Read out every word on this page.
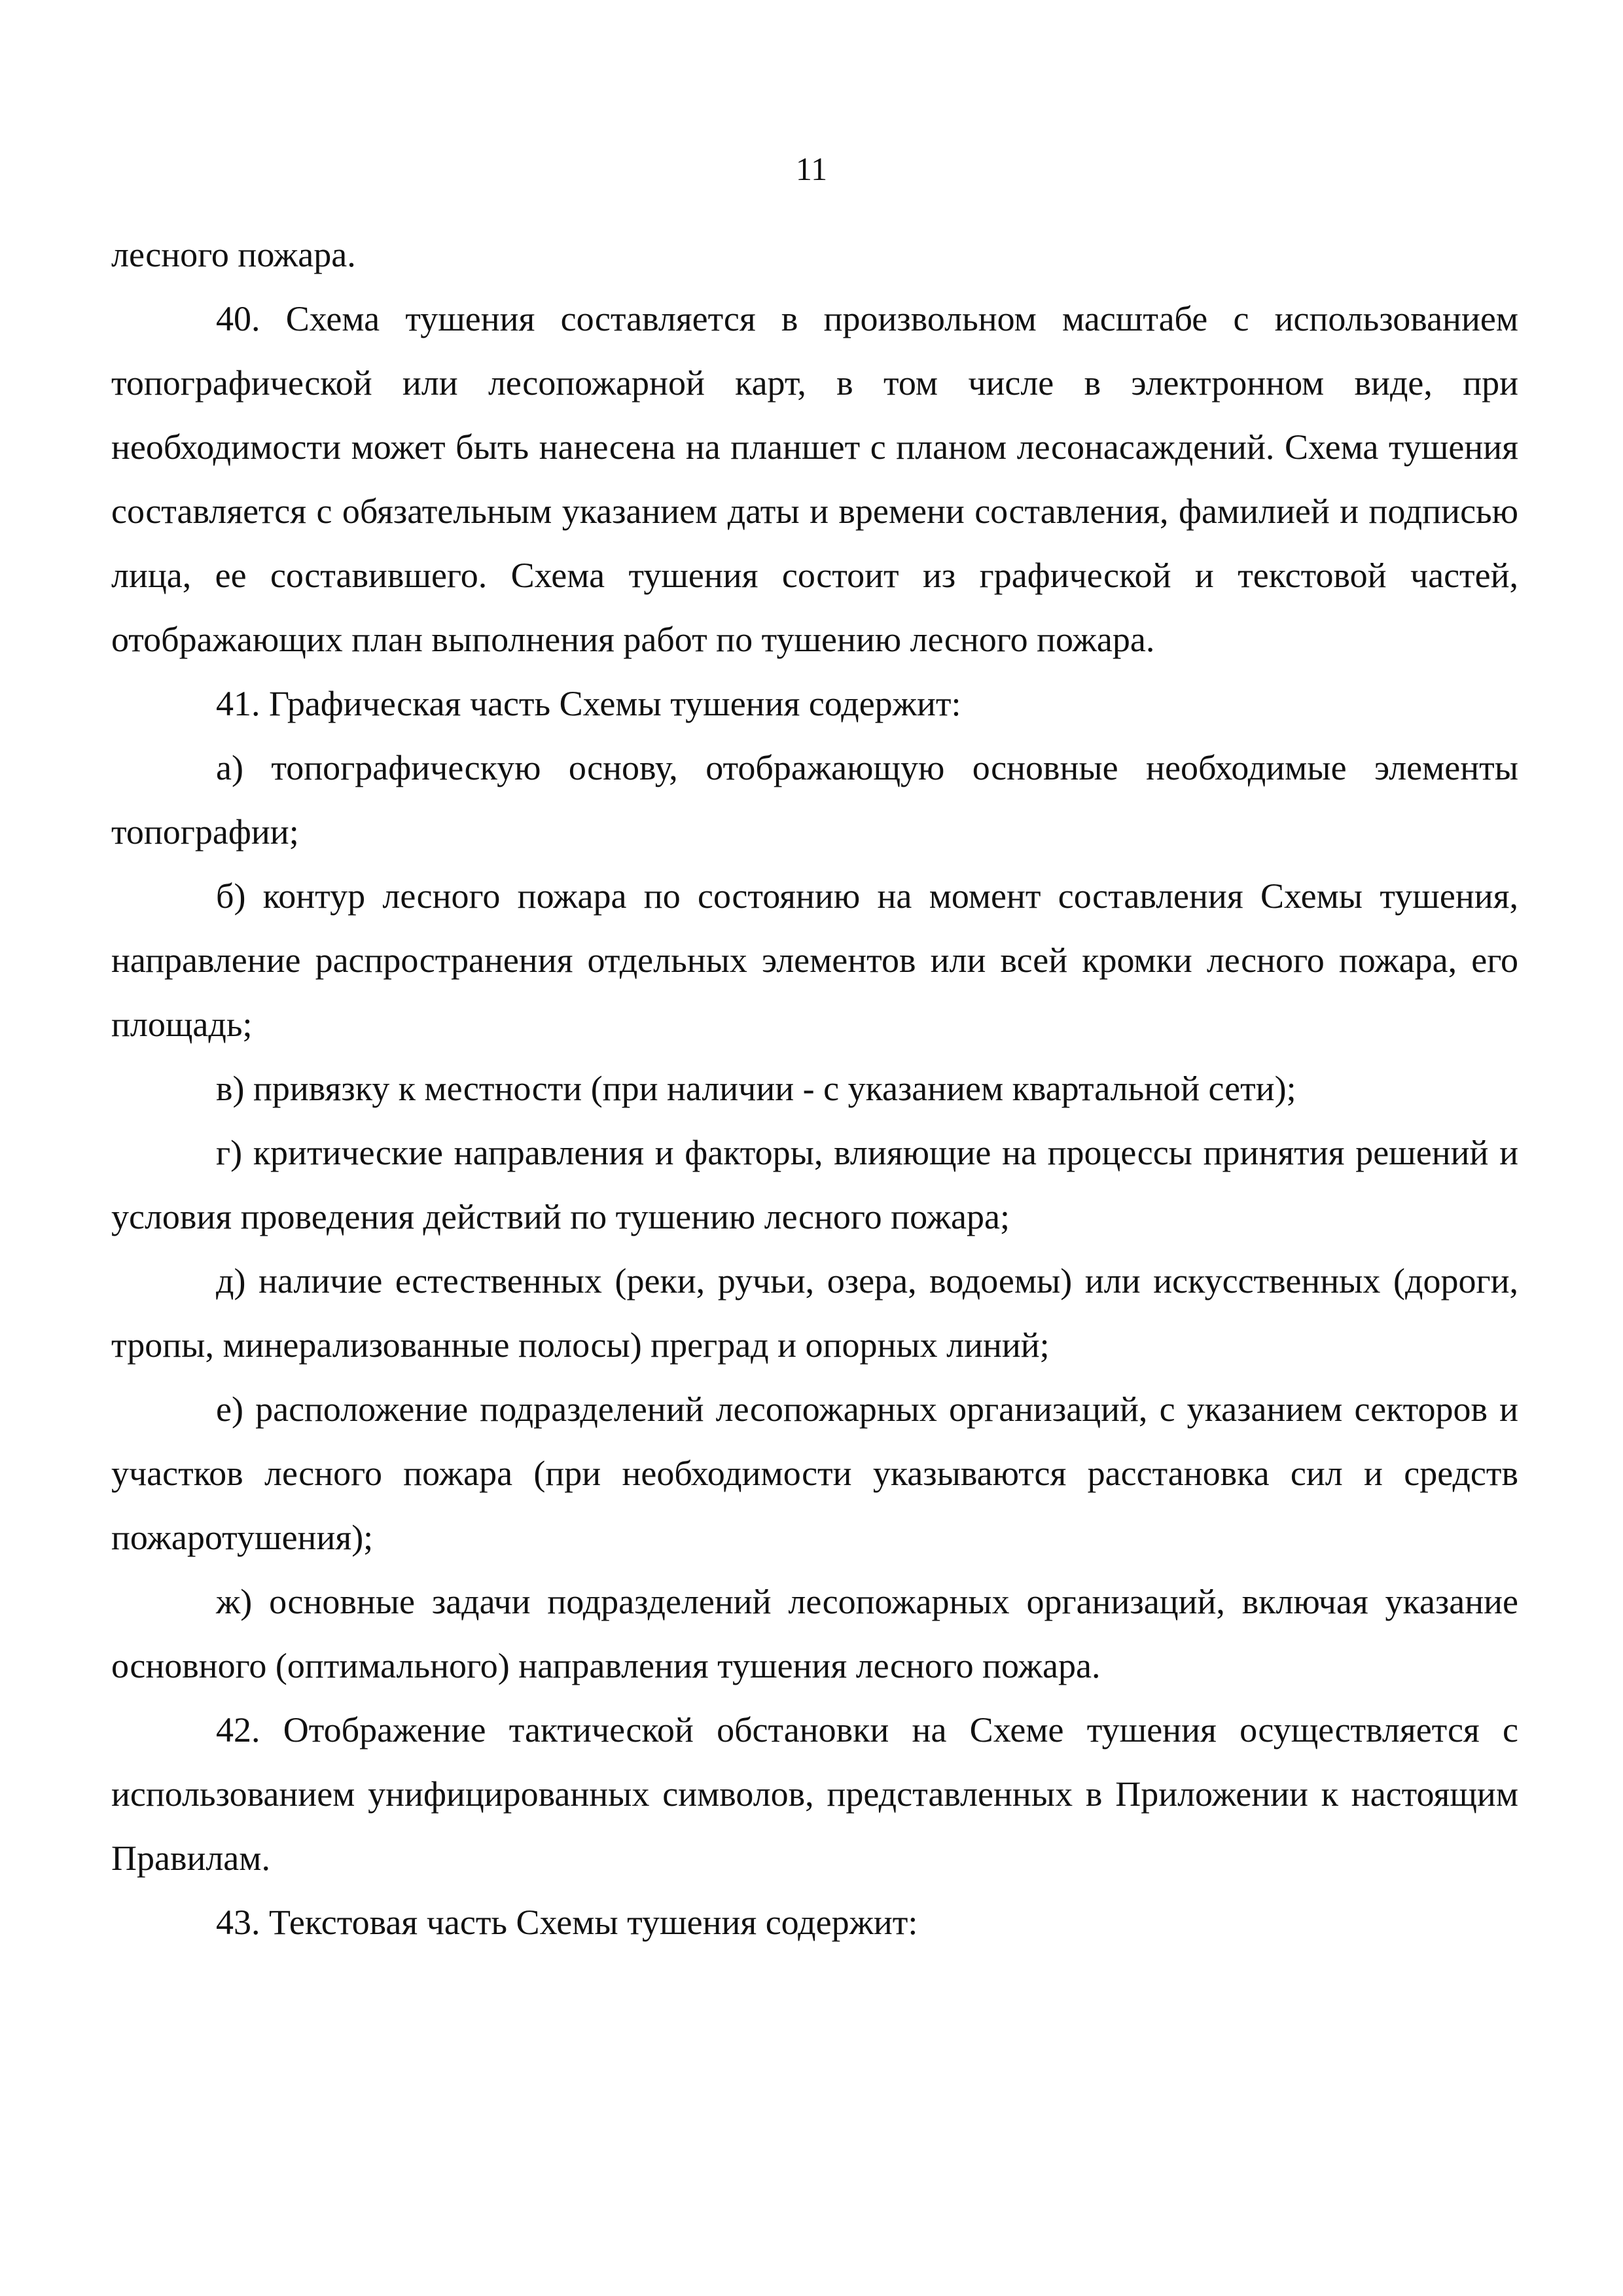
11

лесного пожара.

40. Схема тушения составляется в произвольном масштабе с использованием топографической или лесопожарной карт, в том числе в электронном виде, при необходимости может быть нанесена на планшет с планом лесонасаждений. Схема тушения составляется с обязательным указанием даты и времени составления, фамилией и подписью лица, ее составившего. Схема тушения состоит из графической и текстовой частей, отображающих план выполнения работ по тушению лесного пожара.

41. Графическая часть Схемы тушения содержит:

а) топографическую основу, отображающую основные необходимые элементы топографии;

б) контур лесного пожара по состоянию на момент составления Схемы тушения, направление распространения отдельных элементов или всей кромки лесного пожара, его площадь;

в) привязку к местности (при наличии - с указанием квартальной сети);

г) критические направления и факторы, влияющие на процессы принятия решений и условия проведения действий по тушению лесного пожара;

д) наличие естественных (реки, ручьи, озера, водоемы) или искусственных (дороги, тропы, минерализованные полосы) преград и опорных линий;

е) расположение подразделений лесопожарных организаций, с указанием секторов и участков лесного пожара (при необходимости указываются расстановка сил и средств пожаротушения);

ж) основные задачи подразделений лесопожарных организаций, включая указание основного (оптимального) направления тушения лесного пожара.

42. Отображение тактической обстановки на Схеме тушения осуществляется с использованием унифицированных символов, представленных в Приложении к настоящим Правилам.

43. Текстовая часть Схемы тушения содержит:
